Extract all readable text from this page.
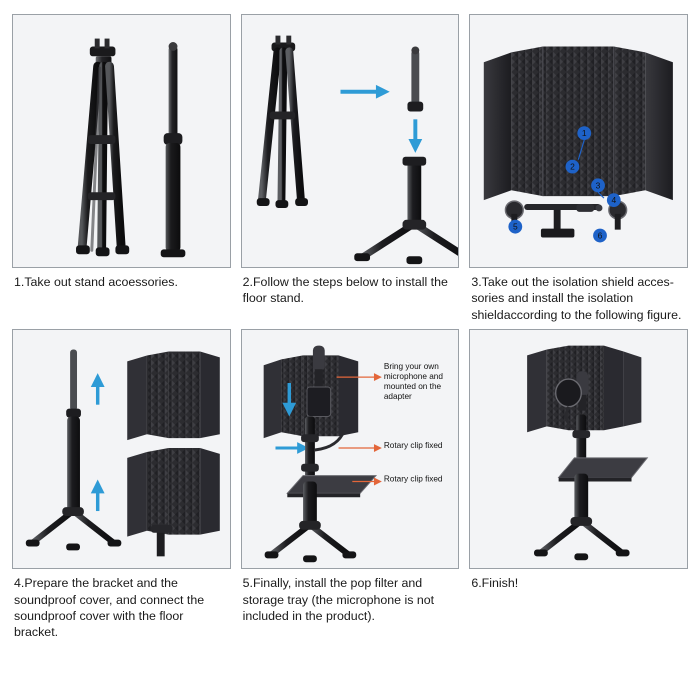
1.Take out stand acoessories.	2.Follow the steps below to install the floor stand.
1
2
3
4
5
6
3.Take out the isolation shield acces- sories and install the isolation shieldaccording to the following figure.
4.Prepare the bracket and the soundproof cover, and connect the soundproof cover with the floor bracket.
Bring your own microphone and mounted on the adapter
Rotary clip fixed
Rotary clip fixed
5.Finally, install the pop filter and storage tray (the microphone is not included in the product).
6.Finish!
